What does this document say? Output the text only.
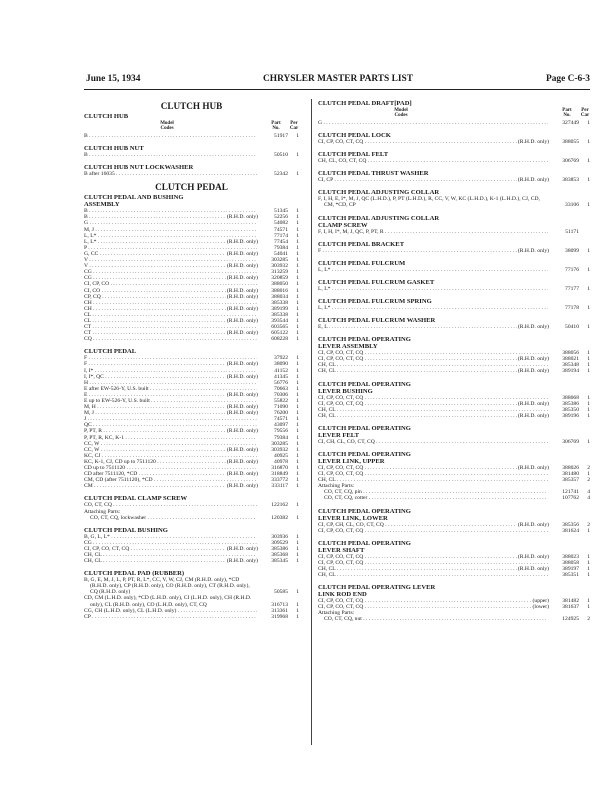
June 15, 1934	CHRYSLER MASTER PARTS LIST	Page C-6-3
CLUTCH HUB
CLUTCH HUB
Model
Codes
Part
No.
Per
Car
B . . .	51917	1
CLUTCH HUB NUT
B . . .	50510	1
CLUTCH HUB NUT LOCKWASHER
B after 16035 . . .	52342	1
CLUTCH PEDAL
CLUTCH PEDAL AND BUSHING
ASSEMBLY
B . . .	51345	1
B . . .	(R.H.D. only)	52256	1
G . . .	54082	1
M, J . . .	74571	1
L, L* . . .	77174	1
L, L* . . .	(R.H.D. only)	77454	1
P . . .	79384	1
G, CC . . .	(R.H.D. only)	54041	1
V . . .	303285	1
V . . .	(R.H.D. only)	303932	1
CG . . .	313259	1
CG . . .	(R.H.D. only)	320859	1
CI, CP, CO . . .	388050	1
CI, CO . . .	(R.H.D. only)	388016	1
CP, CQ . . .	(R.H.D. only)	388034	1
CH . . .	385338	1
CH . . .	(R.H.D. only)	389199	1
CL . . .	385338	1
CL . . .	(R.H.D. only)	393544	1
CT . . .	603565	1
CT . . .	(R.H.D. only)	605122	1
CQ . . .	608228	1
CLUTCH PEDAL
F . . .	37922	1
F . . .	(R.H.D. only)	38090	1
I, I* . . .	41152	1
I, I*, QC . . .	(R.H.D. only)	41345	1
H . . .	56776	1
E after EW-526-Y, U.S. built . . .	70663	1
E . . .	(R.H.D. only)	70306	1
E up to EW-526-Y, U.S. built . . .	55822	1
M, H . . .	(R.H.D. only)	71090	1
M, J . . .	(R.H.D. only)	76200	1
J . . .	74571	1
QC . . .	43097	1
P, PT, R . . .	(R.H.D. only)	79556	1
P, PT, R, KC, K-1 . . .	79384	1
CC, W . . .	303285	1
CC, W . . .	(R.H.D. only)	303932	1
KC, CJ . . .	40925	1
KC, K-1, CJ, CD up to 7511120 . . .	(R.H.D. only)	40978	1
CD up to 7511120 . . .	316870	1
CD after 7511120, *CD . . .	(R.H.D. only)	318849	1
CM, CD (after 7511120), *CD . . .	333772	1
CM . . .	(R.H.D. only)	333117	1
CLUTCH PEDAL CLAMP SCREW
CO, CT, CQ . . .	122162	1
Attaching Parts:
CO, CT, CQ, lockwasher . . .	120382	1
CLUTCH PEDAL BUSHING
B, G, L, L* . . .	303936	1
CG . . .	309529	1
CI, CP, CO, CT, CQ . . .	(R.H.D. only)	385386	1
CH, CL . . .	385368	1
CH, CL . . .	(R.H.D. only)	385345	1
CLUTCH PEDAL PAD (RUBBER)
B, G, E, M, J, L, P, PT, R, L*, CC, V, W, CJ, CM (R.H.D. only), *CD (R.H.D. only), CP (R.H.D. only), CO (R.H.D. only), CT (R.H.D. only), CQ (R.H.D. only)	50585	1
CD, CM (L.H.D. only), *CD (L.H.D. only), CI (L.H.D. only), CH (R.H.D. only), CL (R.H.D. only), CO (L.H.D. only), CT, CQ	316713	1
CG, CH (L.H.D. only), CL (L.H.D. only) . . .	313361	1
CP . . .	319968	1
CLUTCH PEDAL DRAFT[PAD]
Model
Codes
Part
No.
Per
Car
G . . .	327449	1
CLUTCH PEDAL LOCK
CI, CP, CO, CT, CQ . . .	(R.H.D. only)	388055	1
CLUTCH PEDAL FELT
CH, CL, CO, CT, CQ . . .	306769	1
CLUTCH PEDAL THRUST WASHER
CI, CP . . .	(R.H.D. only)	383853	1
CLUTCH PEDAL ADJUSTING COLLAR
F, I, H, E, I*, M, J, QC (L.H.D.), P, PT (L.H.D.), R, CC, V, W, KC (L.H.D.), K-1 (L.H.D.), CJ, CD, CM, *CD, CP	33106	1
CLUTCH PEDAL ADJUSTING COLLAR
CLAMP SCREW
F, I, H, I*, M, J, QC, P, PT, R . . .	51171
CLUTCH PEDAL BRACKET
F . . .	(R.H.D. only)	38099	1
CLUTCH PEDAL FULCRUM
L, L* . . .	77176	1
CLUTCH PEDAL FULCRUM GASKET
L, L* . . .	77177	1
CLUTCH PEDAL FULCRUM SPRING
L, L* . . .	77178	1
CLUTCH PEDAL FULCRUM WASHER
E, L . . .	(R.H.D. only)	50410	1
CLUTCH PEDAL OPERATING
LEVER ASSEMBLY
CI, CP, CO, CT, CQ . . .	388056	1
CI, CP, CO, CT, CQ . . .	(R.H.D. only)	388021	1
CH, CL . . .	385348	1
CH, CL . . .	(R.H.D. only)	389194	1
CLUTCH PEDAL OPERATING
LEVER BUSHING
CI, CP, CO, CT, CQ . . .	388068	1
CI, CP, CO, CT, CQ . . .	(R.H.D. only)	385386	1
CH, CL . . .	385350	1
CH, CL . . .	(R.H.D. only)	389196	1
CLUTCH PEDAL OPERATING
LEVER FELT
CI, CH, CL, CO, CT, CQ . . .	306769	1
CLUTCH PEDAL OPERATING
LEVER LINK, UPPER
CI, CP, CO, CT, CQ . . .	(R.H.D. only)	388026	2
CI, CP, CO, CT, CQ . . .	381480	1
CH, CL . . .	385357	2
Attaching Parts:
CO, CT, CQ, pin . . .	121741	4
CO, CT, CQ, cotter . . .	107762	4
CLUTCH PEDAL OPERATING
LEVER LINK, LOWER
CI, CP, CH, CL, CO, CT, CQ . . .	(R.H.D. only)	385356	2
CI, CP, CO, CT, CQ . . .	381624	1
CLUTCH PEDAL OPERATING
LEVER SHAFT
CI, CP, CO, CT, CQ . . .	(R.H.D. only)	388023	1
CI, CP, CO, CT, CQ . . .	388058	1
CH, CL . . .	(R.H.D. only)	389197	1
CH, CL . . .	385351	1
CLUTCH PEDAL OPERATING LEVER
LINK ROD END
CI, CP, CO, CT, CQ . . .	(upper)	381482	1
CI, CP, CO, CT, CQ . . .	(lower)	381637	1
Attaching Parts:
CO, CT, CQ, nut . . .	124925	2
